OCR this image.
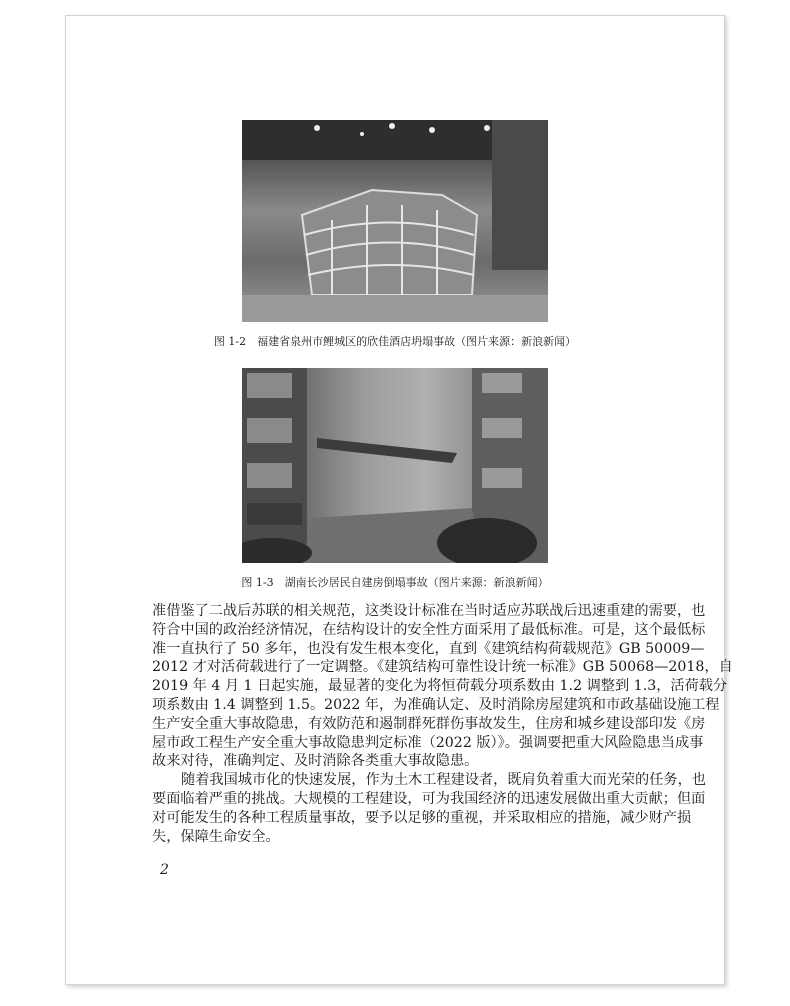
图 1-2　福建省泉州市鲤城区的欣佳酒店坍塌事故（图片来源：新浪新闻）
图 1-3　湖南长沙居民自建房倒塌事故（图片来源：新浪新闻）
准借鉴了二战后苏联的相关规范，这类设计标准在当时适应苏联战后迅速重建的需要，也
符合中国的政治经济情况，在结构设计的安全性方面采用了最低标准。可是，这个最低标
准一直执行了 50 多年，也没有发生根本变化，直到《建筑结构荷载规范》GB 50009—
2012 才对活荷载进行了一定调整。《建筑结构可靠性设计统一标准》GB 50068—2018，自
2019 年 4 月 1 日起实施，最显著的变化为将恒荷载分项系数由 1.2 调整到 1.3，活荷载分
项系数由 1.4 调整到 1.5。2022 年，为准确认定、及时消除房屋建筑和市政基础设施工程
生产安全重大事故隐患，有效防范和遏制群死群伤事故发生，住房和城乡建设部印发《房
屋市政工程生产安全重大事故隐患判定标准（2022 版）》。强调要把重大风险隐患当成事
故来对待，准确判定、及时消除各类重大事故隐患。
随着我国城市化的快速发展，作为土木工程建设者，既肩负着重大而光荣的任务，也
要面临着严重的挑战。大规模的工程建设，可为我国经济的迅速发展做出重大贡献；但面
对可能发生的各种工程质量事故，要予以足够的重视，并采取相应的措施，减少财产损
失，保障生命安全。
2
